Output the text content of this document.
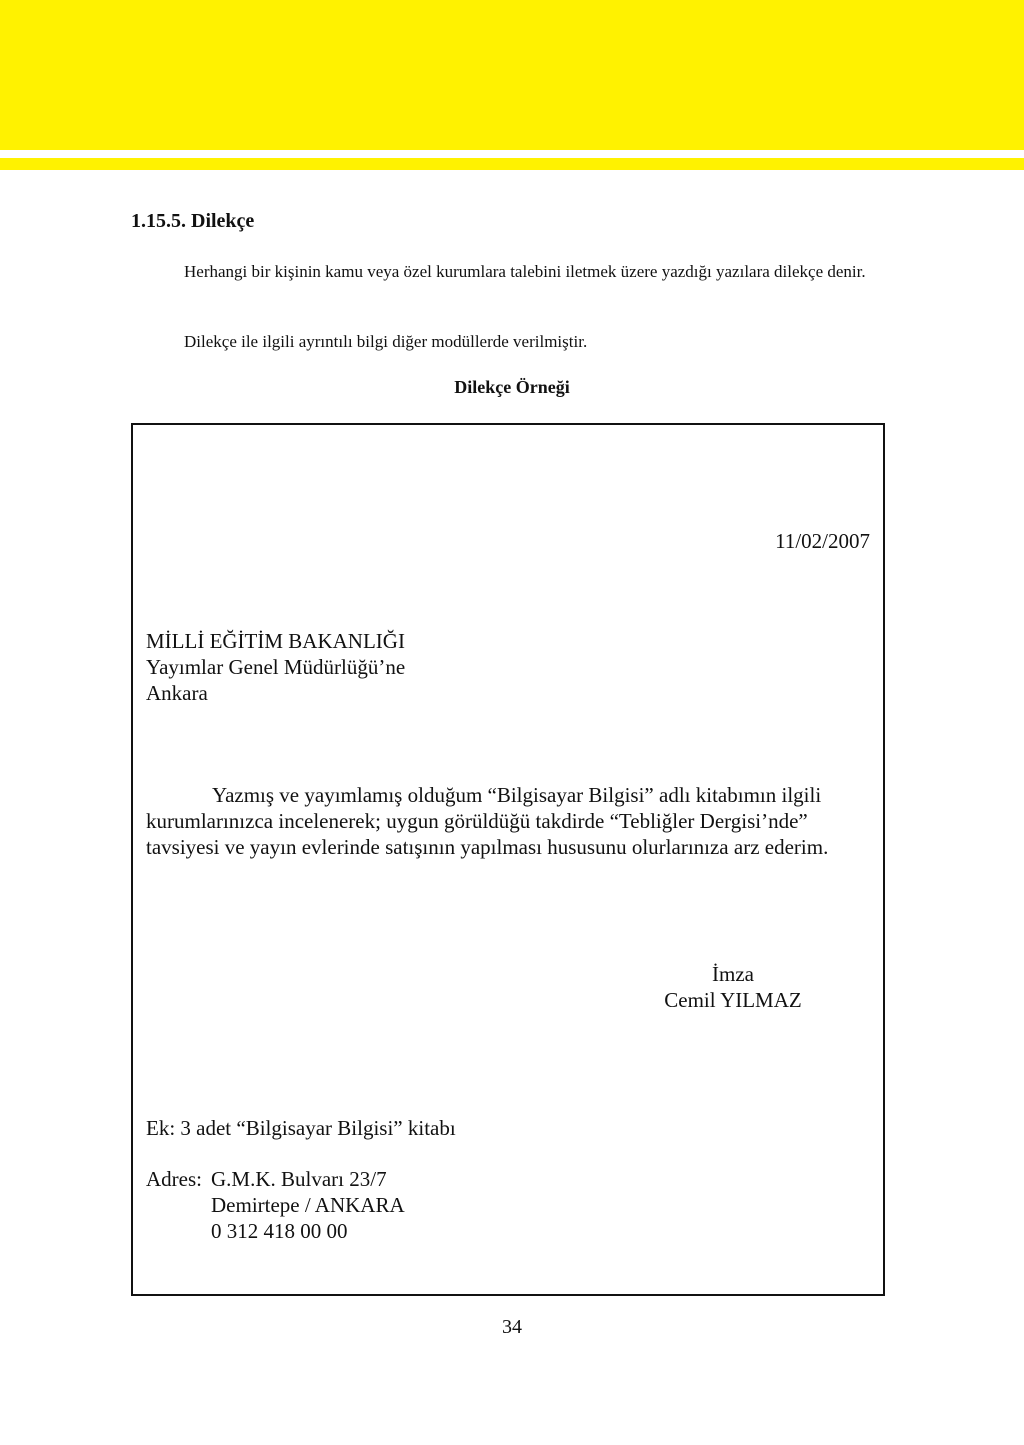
1.15.5. Dilekçe

Herhangi bir kişinin kamu veya özel kurumlara talebini iletmek üzere yazdığı yazılara dilekçe denir.

Dilekçe ile ilgili ayrıntılı bilgi diğer modüllerde verilmiştir.

Dilekçe Örneği

11/02/2007

MİLLİ EĞİTİM BAKANLIĞI
Yayımlar Genel Müdürlüğü’ne
Ankara

Yazmış ve yayımlamış olduğum “Bilgisayar Bilgisi” adlı kitabımın ilgili kurumlarınızca incelenerek; uygun görüldüğü takdirde “Tebliğler Dergisi’nde” tavsiyesi ve yayın evlerinde satışının yapılması hususunu olurlarınıza arz ederim.

İmza
Cemil YILMAZ

Ek: 3 adet “Bilgisayar Bilgisi” kitabı

Adres: G.M.K. Bulvarı 23/7
Demirtepe / ANKARA
0 312 418 00 00

34
